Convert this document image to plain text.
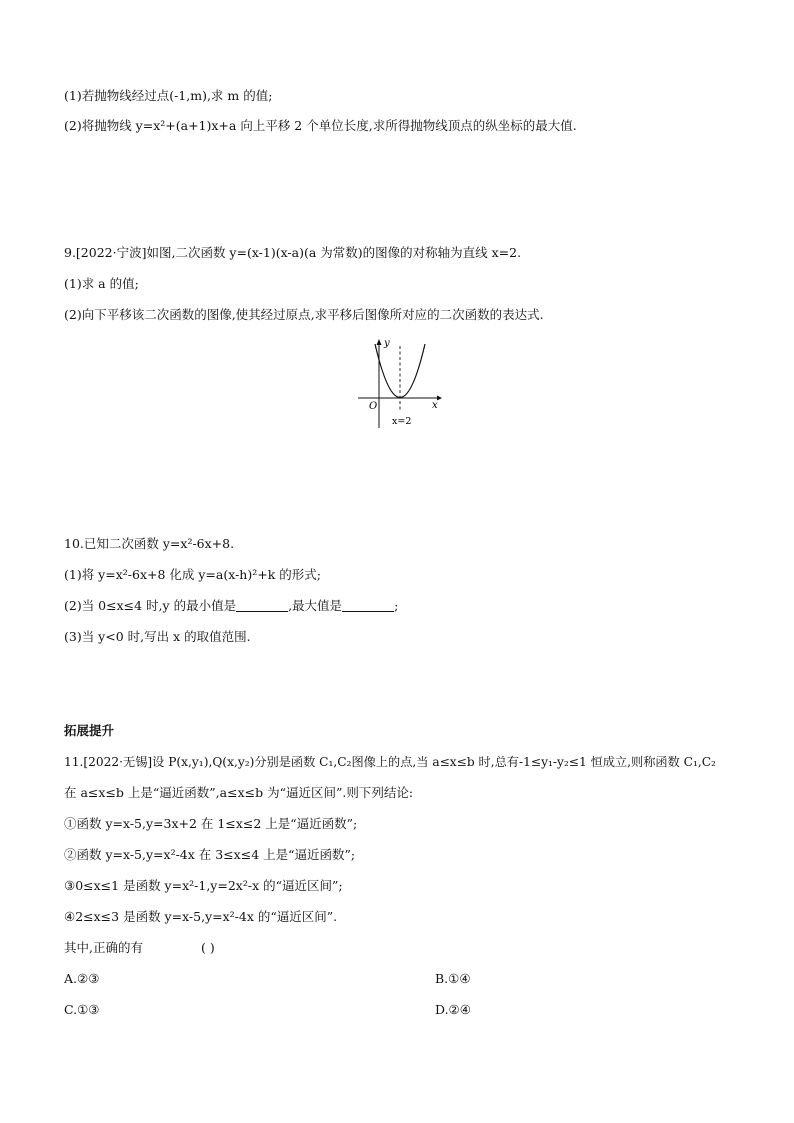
(1)若抛物线经过点(-1,m),求 m 的值;
(2)将抛物线 y=x²+(a+1)x+a 向上平移 2 个单位长度,求所得抛物线顶点的纵坐标的最大值.
9.[2022·宁波]如图,二次函数 y=(x-1)(x-a)(a 为常数)的图像的对称轴为直线 x=2.
(1)求 a 的值;
(2)向下平移该二次函数的图像,使其经过原点,求平移后图像所对应的二次函数的表达式.
y
x
O
x=2
10.已知二次函数 y=x²-6x+8.
(1)将 y=x²-6x+8 化成 y=a(x-h)²+k 的形式;
(2)当 0≤x≤4 时,y 的最小值是	,最大值是	;
(3)当 y<0 时,写出 x 的取值范围.
拓展提升
11.[2022·无锡]设 P(x,y₁),Q(x,y₂)分别是函数 C₁,C₂图像上的点,当 a≤x≤b 时,总有-1≤y₁-y₂≤1 恒成立,则称函数 C₁,C₂
在 a≤x≤b 上是“逼近函数”,a≤x≤b 为“逼近区间”.则下列结论:
①函数 y=x-5,y=3x+2 在 1≤x≤2 上是“逼近函数”;
②函数 y=x-5,y=x²-4x 在 3≤x≤4 上是“逼近函数”;
③0≤x≤1 是函数 y=x²-1,y=2x²-x 的“逼近区间”;
④2≤x≤3 是函数 y=x-5,y=x²-4x 的“逼近区间”.
其中,正确的有	( )
A.②③	B.①④
C.①③	D.②④
